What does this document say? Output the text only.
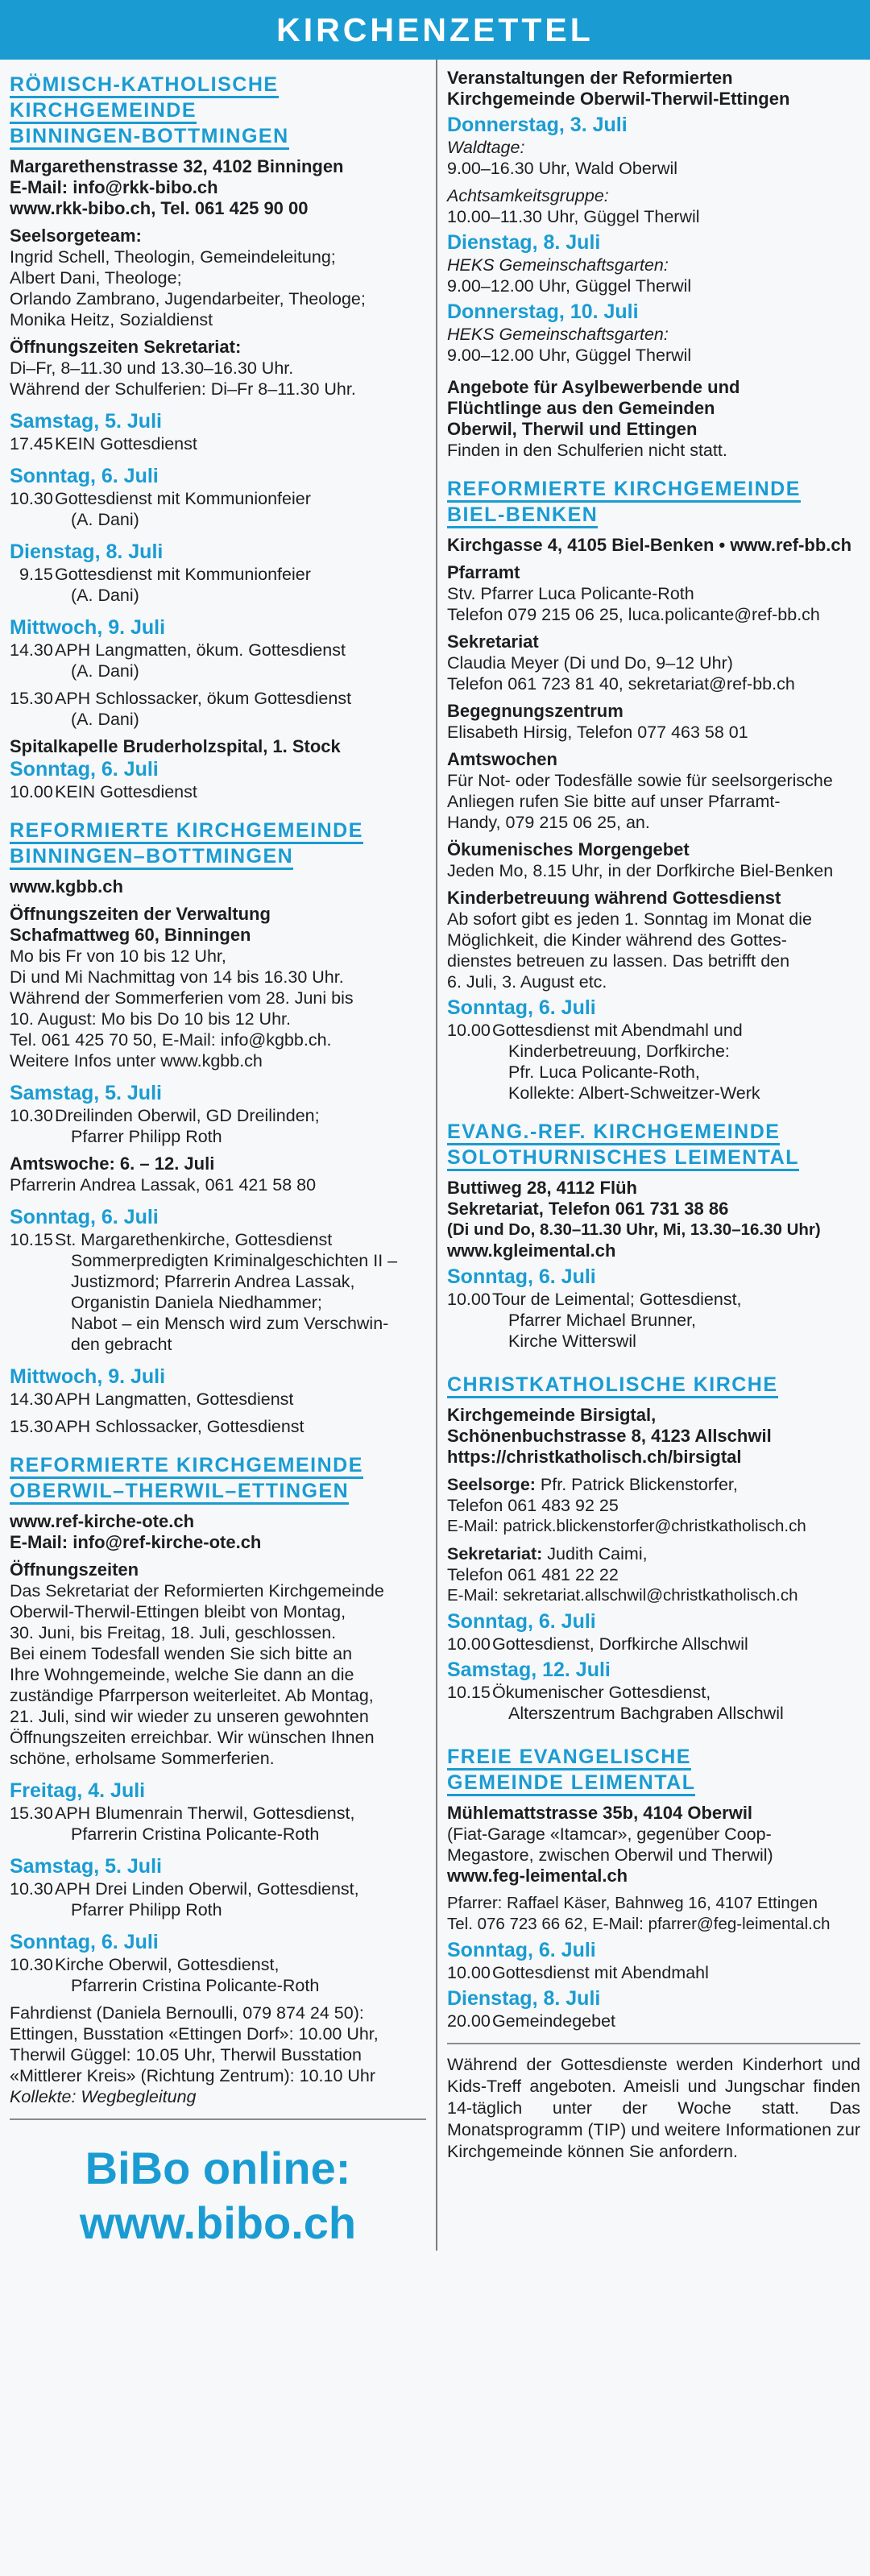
KIRCHENZETTEL
RÖMISCH-KATHOLISCHE
KIRCHGEMEINDE
BINNINGEN-BOTTMINGEN
Margarethenstrasse 32, 4102 Binningen
E-Mail: info@rkk-bibo.ch
www.rkk-bibo.ch, Tel. 061 425 90 00
Seelsorgeteam:
Ingrid Schell, Theologin, Gemeindeleitung;
Albert Dani, Theologe;
Orlando Zambrano, Jugendarbeiter, Theologe;
Monika Heitz, Sozialdienst
Öffnungszeiten Sekretariat:
Di–Fr, 8–11.30 und 13.30–16.30 Uhr.
Während der Schulferien: Di–Fr 8–11.30 Uhr.
Samstag, 5. Juli
17.45 KEIN Gottesdienst
Sonntag, 6. Juli
10.30 Gottesdienst mit Kommunionfeier
(A. Dani)
Dienstag, 8. Juli
9.15 Gottesdienst mit Kommunionfeier
(A. Dani)
Mittwoch, 9. Juli
14.30 APH Langmatten, ökum. Gottesdienst
(A. Dani)
15.30 APH Schlossacker, ökum Gottesdienst
(A. Dani)
Spitalkapelle Bruderholzspital, 1. Stock
Sonntag, 6. Juli
10.00 KEIN Gottesdienst
REFORMIERTE KIRCHGEMEINDE
BINNINGEN–BOTTMINGEN
www.kgbb.ch
Öffnungszeiten der Verwaltung
Schafmattweg 60, Binningen
Mo bis Fr von 10 bis 12 Uhr,
Di und Mi Nachmittag von 14 bis 16.30 Uhr.
Während der Sommerferien vom 28. Juni bis
10. August: Mo bis Do 10 bis 12 Uhr.
Tel. 061 425 70 50, E-Mail: info@kgbb.ch.
Weitere Infos unter www.kgbb.ch
Samstag, 5. Juli
10.30 Dreilinden Oberwil, GD Dreilinden;
Pfarrer Philipp Roth
Amtswoche: 6. – 12. Juli
Pfarrerin Andrea Lassak, 061 421 58 80
Sonntag, 6. Juli
10.15 St. Margarethenkirche, Gottesdienst
Sommerpredigten Kriminalgeschichten II –
Justizmord; Pfarrerin Andrea Lassak,
Organistin Daniela Niedhammer;
Nabot – ein Mensch wird zum Verschwin-
den gebracht
Mittwoch, 9. Juli
14.30 APH Langmatten, Gottesdienst
15.30 APH Schlossacker, Gottesdienst
REFORMIERTE KIRCHGEMEINDE
OBERWIL–THERWIL–ETTINGEN
www.ref-kirche-ote.ch
E-Mail: info@ref-kirche-ote.ch
Öffnungszeiten
Das Sekretariat der Reformierten Kirchgemeinde
Oberwil-Therwil-Ettingen bleibt von Montag,
30. Juni, bis Freitag, 18. Juli, geschlossen.
Bei einem Todesfall wenden Sie sich bitte an
Ihre Wohngemeinde, welche Sie dann an die
zuständige Pfarrperson weiterleitet. Ab Montag,
21. Juli, sind wir wieder zu unseren gewohnten
Öffnungszeiten erreichbar. Wir wünschen Ihnen
schöne, erholsame Sommerferien.
Freitag, 4. Juli
15.30 APH Blumenrain Therwil, Gottesdienst,
Pfarrerin Cristina Policante-Roth
Samstag, 5. Juli
10.30 APH Drei Linden Oberwil, Gottesdienst,
Pfarrer Philipp Roth
Sonntag, 6. Juli
10.30 Kirche Oberwil, Gottesdienst,
Pfarrerin Cristina Policante-Roth
Fahrdienst (Daniela Bernoulli, 079 874 24 50):
Ettingen, Busstation «Ettingen Dorf»: 10.00 Uhr,
Therwil Güggel: 10.05 Uhr, Therwil Busstation
«Mittlerer Kreis» (Richtung Zentrum): 10.10 Uhr
Kollekte: Wegbegleitung
BiBo online:
www.bibo.ch
Veranstaltungen der Reformierten
Kirchgemeinde Oberwil-Therwil-Ettingen
Donnerstag, 3. Juli
Waldtage:
9.00–16.30 Uhr, Wald Oberwil
Achtsamkeitsgruppe:
10.00–11.30 Uhr, Güggel Therwil
Dienstag, 8. Juli
HEKS Gemeinschaftsgarten:
9.00–12.00 Uhr, Güggel Therwil
Donnerstag, 10. Juli
HEKS Gemeinschaftsgarten:
9.00–12.00 Uhr, Güggel Therwil
Angebote für Asylbewerbende und
Flüchtlinge aus den Gemeinden
Oberwil, Therwil und Ettingen
Finden in den Schulferien nicht statt.
REFORMIERTE KIRCHGEMEINDE
BIEL-BENKEN
Kirchgasse 4, 4105 Biel-Benken • www.ref-bb.ch
Pfarramt
Stv. Pfarrer Luca Policante-Roth
Telefon 079 215 06 25, luca.policante@ref-bb.ch
Sekretariat
Claudia Meyer (Di und Do, 9–12 Uhr)
Telefon 061 723 81 40, sekretariat@ref-bb.ch
Begegnungszentrum
Elisabeth Hirsig, Telefon 077 463 58 01
Amtswochen
Für Not- oder Todesfälle sowie für seelsorgerische
Anliegen rufen Sie bitte auf unser Pfarramt-
Handy, 079 215 06 25, an.
Ökumenisches Morgengebet
Jeden Mo, 8.15 Uhr, in der Dorfkirche Biel-Benken
Kinderbetreuung während Gottesdienst
Ab sofort gibt es jeden 1. Sonntag im Monat die
Möglichkeit, die Kinder während des Gottes-
dienstes betreuen zu lassen. Das betrifft den
6. Juli, 3. August etc.
Sonntag, 6. Juli
10.00 Gottesdienst mit Abendmahl und
Kinderbetreuung, Dorfkirche:
Pfr. Luca Policante-Roth,
Kollekte: Albert-Schweitzer-Werk
EVANG.-REF. KIRCHGEMEINDE
SOLOTHURNISCHES LEIMENTAL
Buttiweg 28, 4112 Flüh
Sekretariat, Telefon 061 731 38 86
(Di und Do, 8.30–11.30 Uhr, Mi, 13.30–16.30 Uhr)
www.kgleimental.ch
Sonntag, 6. Juli
10.00 Tour de Leimental; Gottesdienst,
Pfarrer Michael Brunner,
Kirche Witterswil
CHRISTKATHOLISCHE KIRCHE
Kirchgemeinde Birsigtal,
Schönenbuchstrasse 8, 4123 Allschwil
https://christkatholisch.ch/birsigtal
Seelsorge: Pfr. Patrick Blickenstorfer,
Telefon 061 483 92 25
E-Mail: patrick.blickenstorfer@christkatholisch.ch
Sekretariat: Judith Caimi,
Telefon 061 481 22 22
E-Mail: sekretariat.allschwil@christkatholisch.ch
Sonntag, 6. Juli
10.00 Gottesdienst, Dorfkirche Allschwil
Samstag, 12. Juli
10.15 Ökumenischer Gottesdienst,
Alterszentrum Bachgraben Allschwil
FREIE EVANGELISCHE
GEMEINDE LEIMENTAL
Mühlemattstrasse 35b, 4104 Oberwil
(Fiat-Garage «Itamcar», gegenüber Coop-
Megastore, zwischen Oberwil und Therwil)
www.feg-leimental.ch
Pfarrer: Raffael Käser, Bahnweg 16, 4107 Ettingen
Tel. 076 723 66 62, E-Mail: pfarrer@feg-leimental.ch
Sonntag, 6. Juli
10.00 Gottesdienst mit Abendmahl
Dienstag, 8. Juli
20.00 Gemeindegebet
Während der Gottesdienste werden Kinderhort und Kids-Treff angeboten. Ameisli und Jungschar finden 14-täglich unter der Woche statt. Das Monatsprogramm (TIP) und weitere Informationen zur Kirchgemeinde können Sie anfordern.
